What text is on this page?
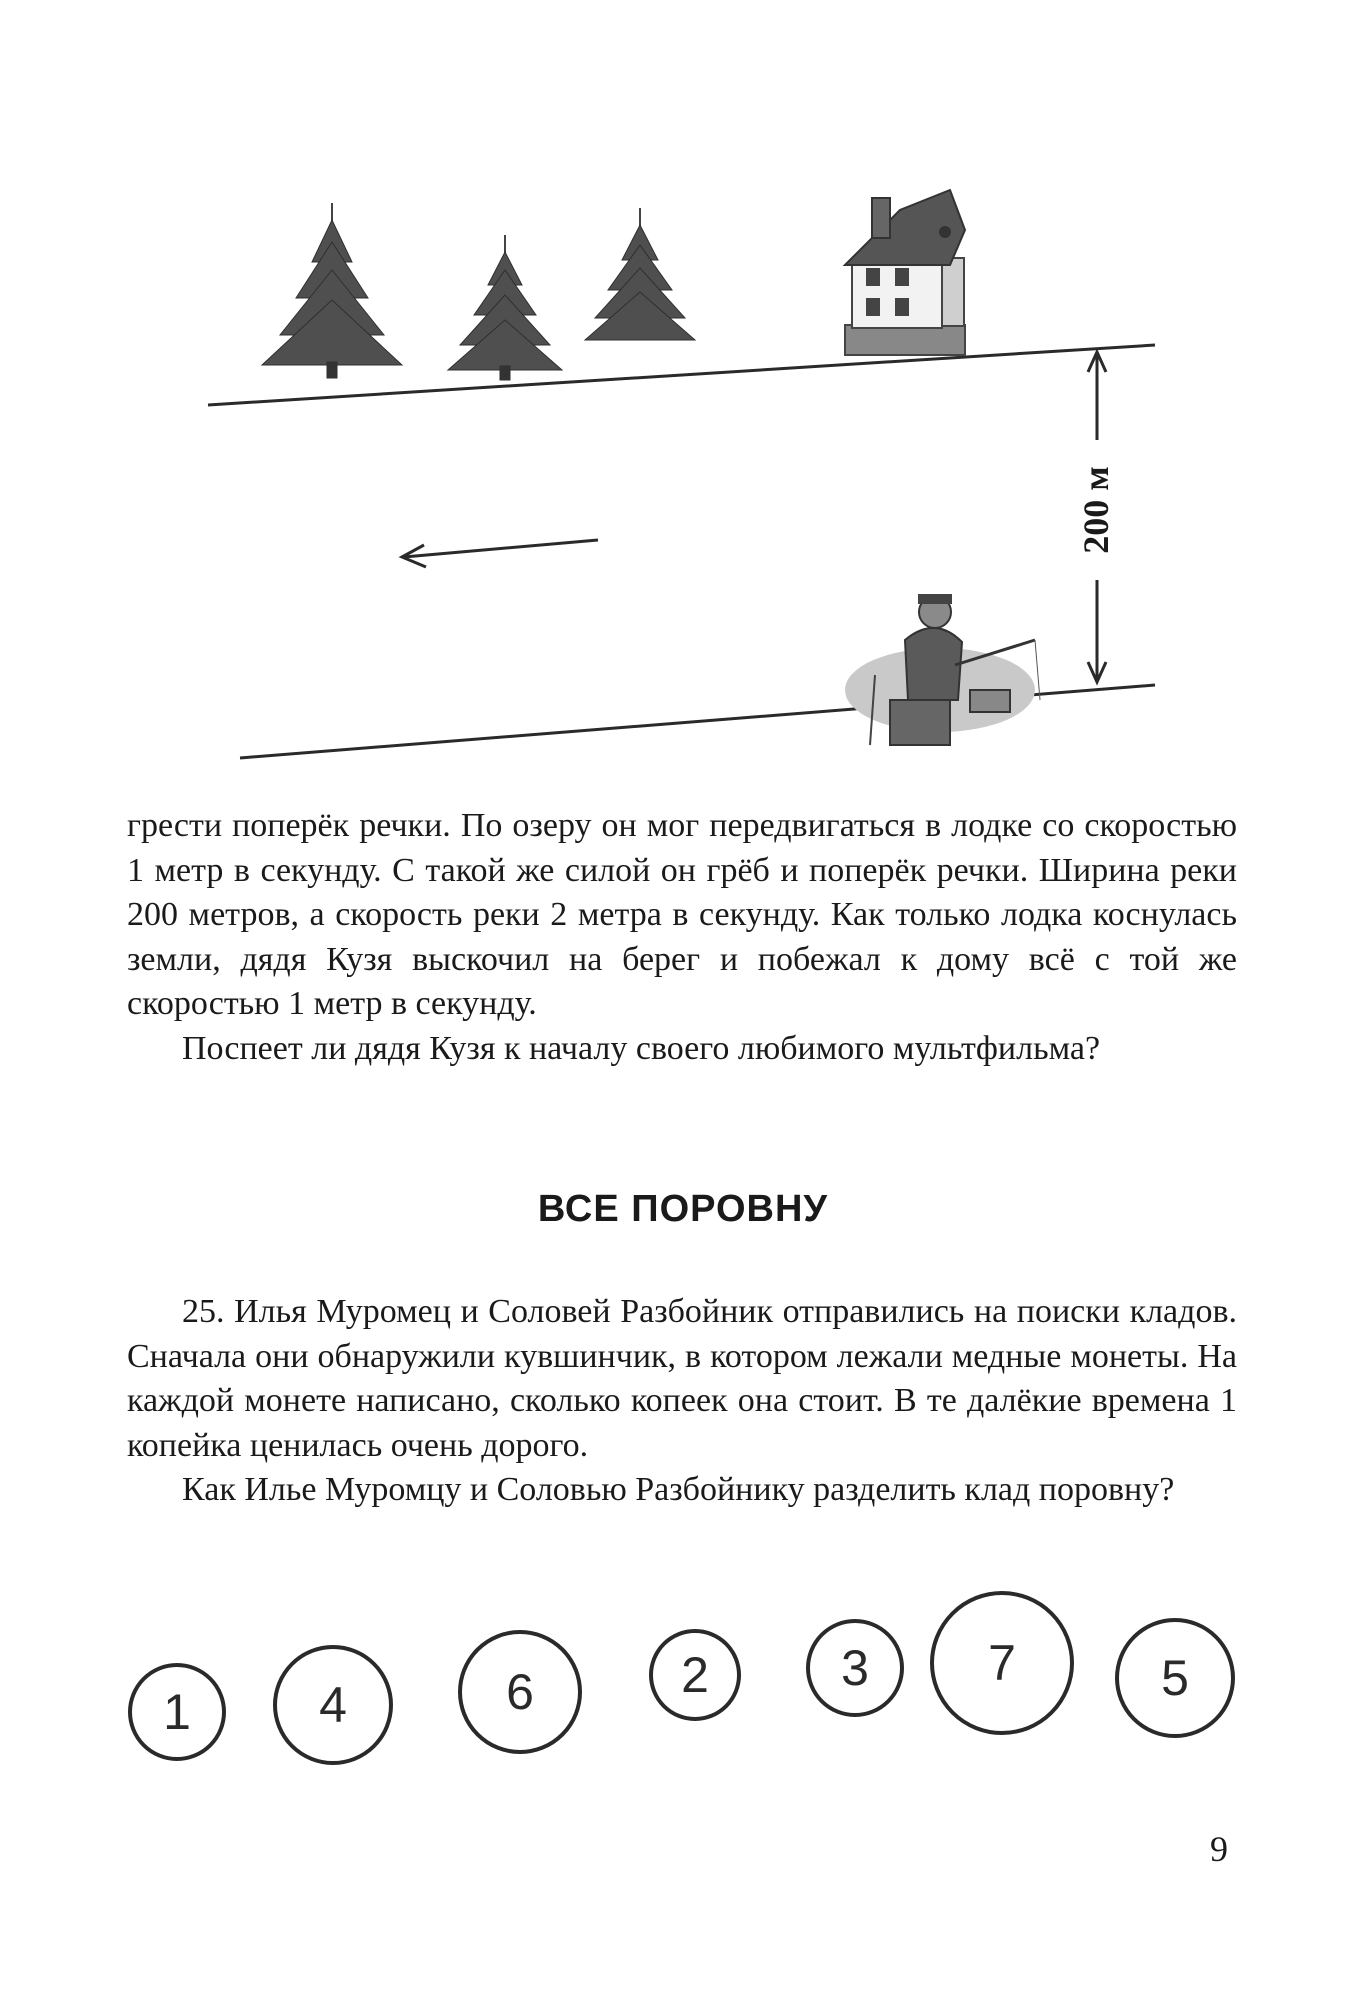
200 м

грести поперёк речки. По озеру он мог передвигаться в лодке со скоростью 1 метр в секунду. С такой же силой он грёб и поперёк речки. Ширина реки 200 метров, а скорость реки 2 метра в секунду. Как только лодка коснулась земли, дядя Кузя выскочил на берег и побежал к дому всё с той же скоростью 1 метр в секунду.

Поспеет ли дядя Кузя к началу своего любимого мультфильма?

ВСЕ ПОРОВНУ

25. Илья Муромец и Соловей Разбойник отправились на поиски кладов. Сначала они обнаружили кувшинчик, в котором лежали медные монеты. На каждой монете написано, сколько копеек она стоит. В те далёкие времена 1 копейка ценилась очень дорого.

Как Илье Муромцу и Соловью Разбойнику разделить клад поровну?

1	4	6	2	3 7	5

9
